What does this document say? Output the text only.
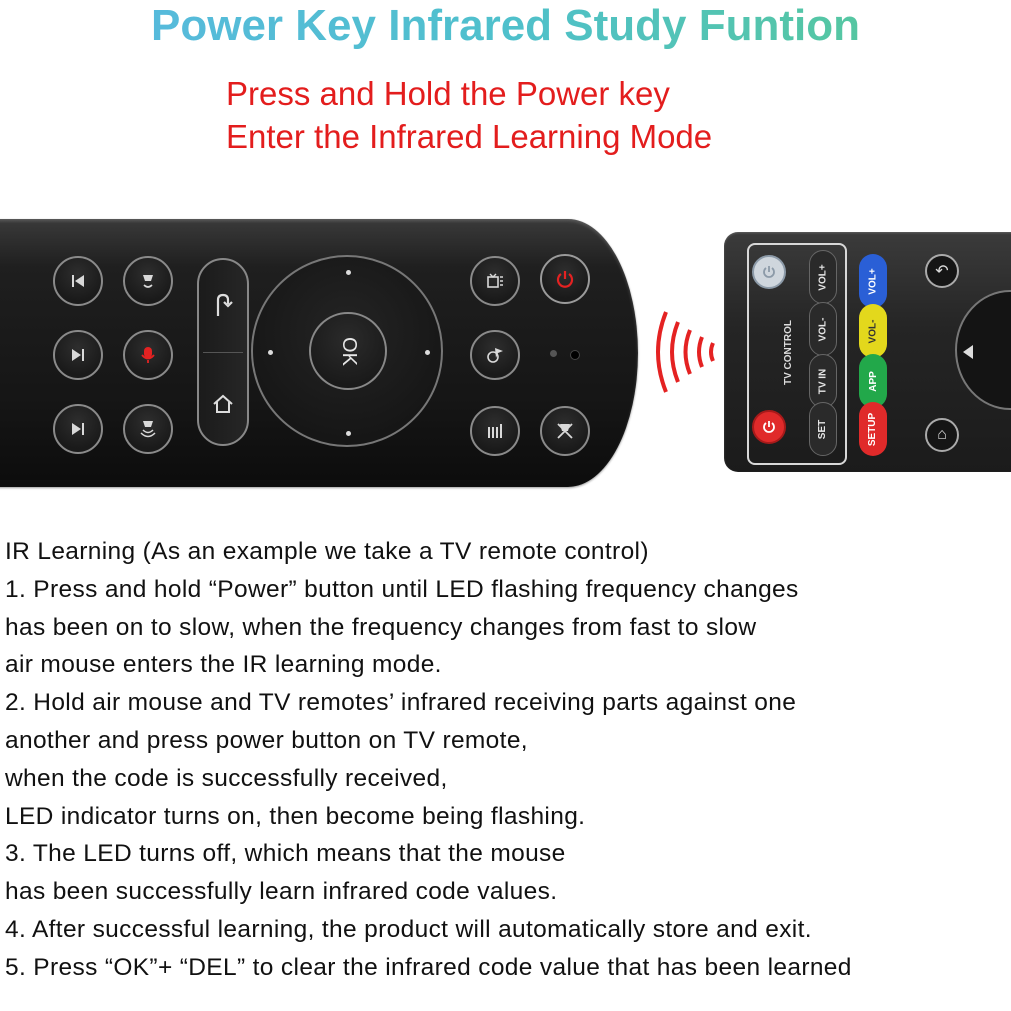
Power Key Infrared Study Funtion
Press and Hold the Power key
Enter the Infrared Learning Mode
OK
VOL+
VOL-
TV IN
SET
TV CONTROL
VOL+
VOL-
APP
SETUP
↶
⌂
IR Learning (As an example we take a TV remote control)
1. Press and hold “Power” button until LED flashing frequency changes
has been on to slow, when the frequency changes from fast to slow
air mouse enters the IR learning mode.
2. Hold air mouse and TV remotes’ infrared receiving parts against one
another and press power button on TV remote,
when the code is successfully received,
LED indicator turns on, then become being flashing.
3. The LED turns off, which means that the mouse
has been successfully learn infrared code values.
4. After successful learning, the product will automatically store and exit.
5. Press “OK”+ “DEL” to clear the infrared code value that has been learned
